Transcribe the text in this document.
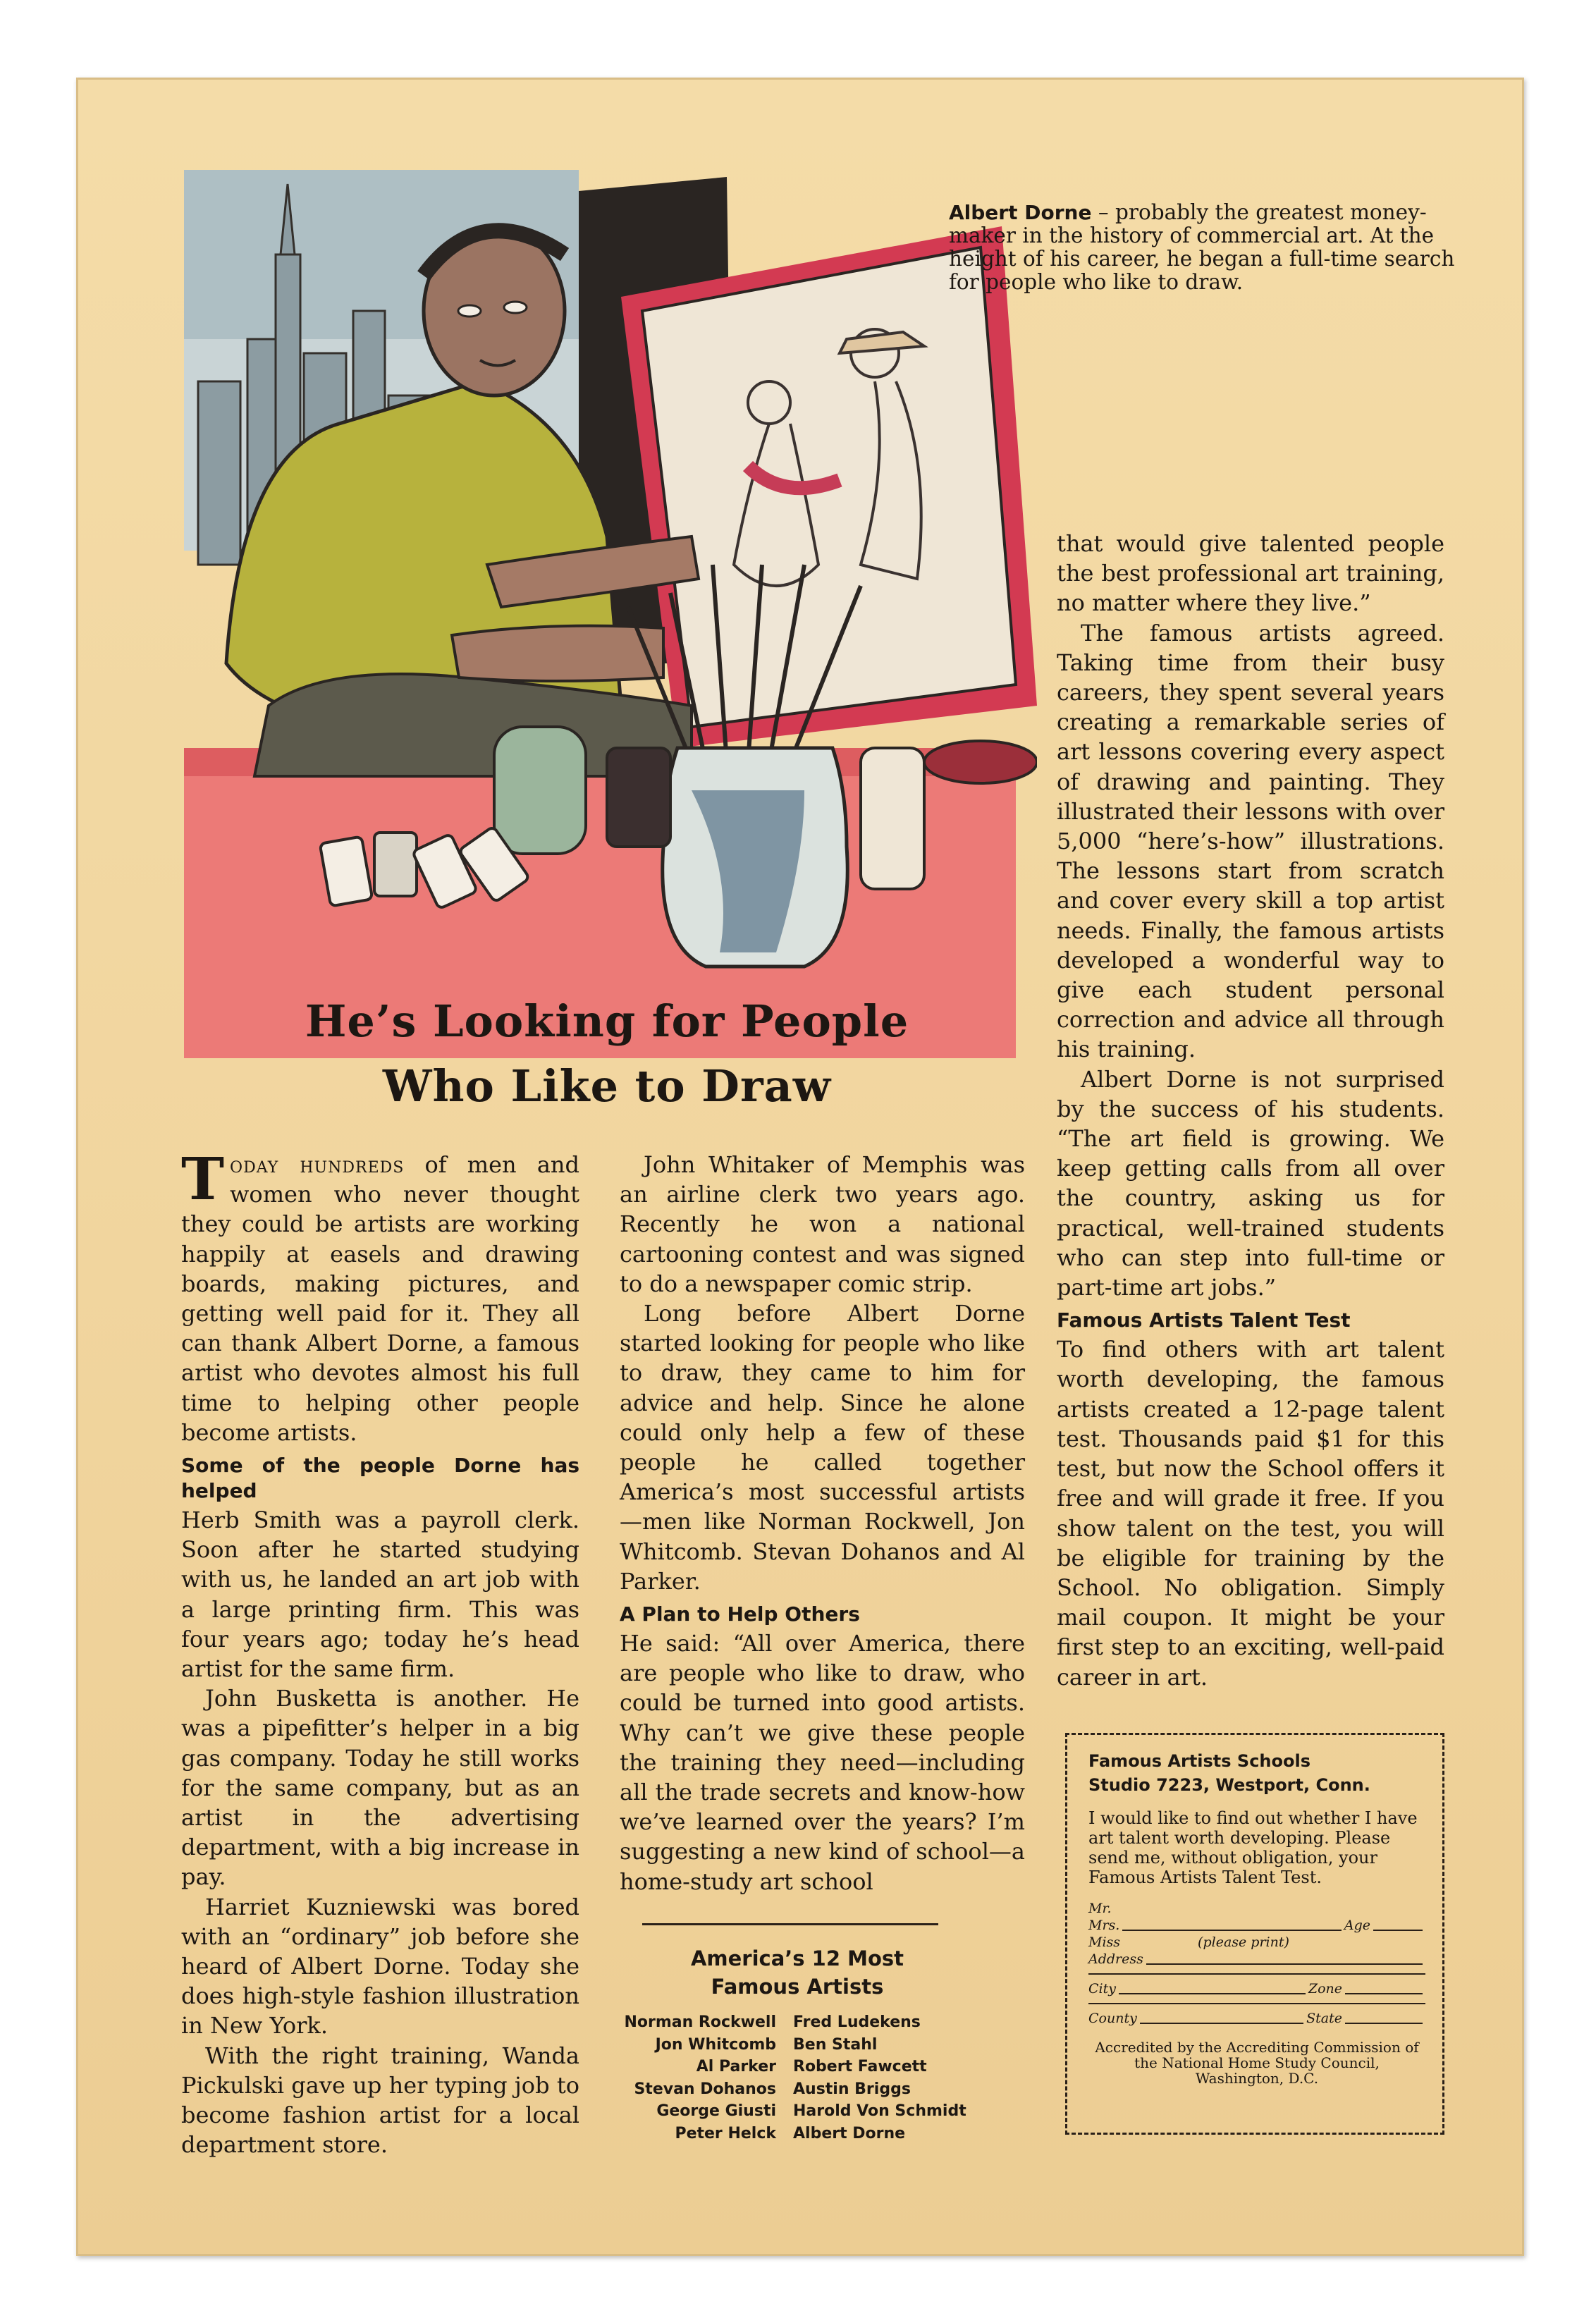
Albert Dorne – probably the greatest money-maker in the history of commercial art. At the height of his career, he began a full-time search for people who like to draw.
He’s Looking for People
Who Like to Draw

Today hundreds of men and women who never thought they could be artists are working happily at easels and drawing boards, making pictures, and getting well paid for it. They all can thank Albert Dorne, a famous artist who devotes almost his full time to helping other people become artists.

Some of the people Dorne has helped

Herb Smith was a payroll clerk. Soon after he started studying with us, he landed an art job with a large printing firm. This was four years ago; today he’s head artist for the same firm.

John Busketta is another. He was a pipefitter’s helper in a big gas company. Today he still works for the same company, but as an artist in the advertising department, with a big increase in pay.

Harriet Kuzniewski was bored with an “ordinary” job before she heard of Albert Dorne. Today she does high-style fashion illustration in New York.

With the right training, Wanda Pickulski gave up her typing job to become fashion artist for a local department store.

John Whitaker of Memphis was an airline clerk two years ago. Recently he won a national cartooning contest and was signed to do a newspaper comic strip.

Long before Albert Dorne started looking for people who like to draw, they came to him for advice and help. Since he alone could only help a few of these people he called together America’s most successful artists —men like Norman Rockwell, Jon Whitcomb. Stevan Dohanos and Al Parker.

A Plan to Help Others

He said: “All over America, there are people who like to draw, who could be turned into good artists. Why can’t we give these people the training they need—including all the trade secrets and know-how we’ve learned over the years? I’m suggesting a new kind of school—a home-study art school

that would give talented people the best professional art training, no matter where they live.”

The famous artists agreed. Taking time from their busy careers, they spent several years creating a remarkable series of art lessons covering every aspect of drawing and painting. They illustrated their lessons with over 5,000 “here’s-how” illustrations. The lessons start from scratch and cover every skill a top artist needs. Finally, the famous artists developed a wonderful way to give each student personal correction and advice all through his training.

Albert Dorne is not surprised by the success of his students. “The art field is growing. We keep getting calls from all over the country, asking us for practical, well-trained students who can step into full-time or part-time art jobs.”

Famous Artists Talent Test

To find others with art talent worth developing, the famous artists created a 12-page talent test. Thousands paid $1 for this test, but now the School offers it free and will grade it free. If you show talent on the test, you will be eligible for training by the School. No obligation. Simply mail coupon. It might be your first step to an exciting, well-paid career in art.

America’s 12 Most
Famous Artists
Norman Rockwell	Fred Ludekens
Jon Whitcomb	Ben Stahl
Al Parker	Robert Fawcett
Stevan Dohanos	Austin Briggs
George Giusti	Harold Von Schmidt
Peter Helck	Albert Dorne
Famous Artists Schools
Studio 7223, Westport, Conn.
I would like to find out whether I have art talent worth developing. Please send me, without obligation, your Famous Artists Talent Test.
Mr.
Mrs.	Age
Miss	(please print)
Address
City	Zone
County	State
Accredited by the Accrediting Commission of the National Home Study Council, Washington, D.C.
